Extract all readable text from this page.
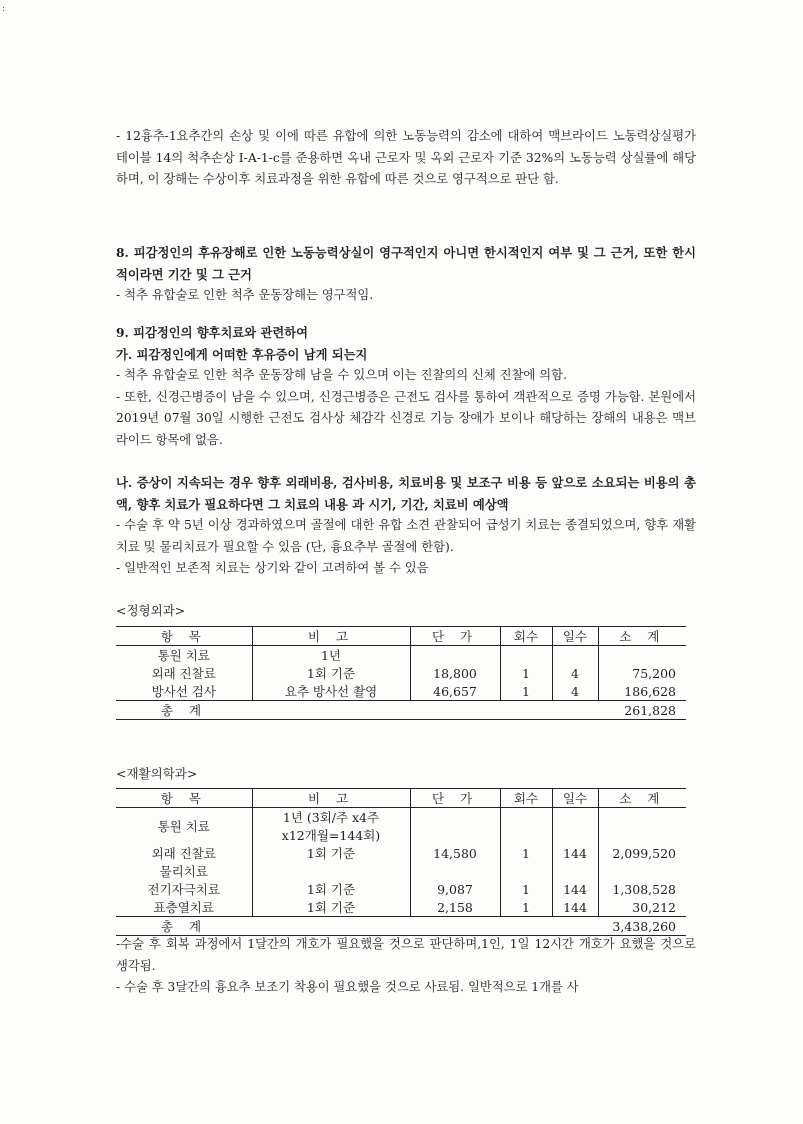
:

- 12흉추-1요추간의 손상 및 이에 따른 유합에 의한 노동능력의 감소에 대하여 맥브라이드 노동력상실평가 테이블 14의 척추손상 I-A-1-c를 준용하면 옥내 근로자 및 옥외 근로자 기준 32%의 노동능력 상실률에 해당하며, 이 장해는 수상이후 치료과정을 위한 유합에 따른 것으로 영구적으로 판단 함.

8. 피감정인의 후유장해로 인한 노동능력상실이 영구적인지 아니면 한시적인지 여부 및 그 근거, 또한 한시적이라면 기간 및 그 근거

- 척추 유합술로 인한 척추 운동장해는 영구적임.

9. 피감정인의 향후치료와 관련하여

가. 피감정인에게 어떠한 후유증이 남게 되는지

- 척추 유합술로 인한 척추 운동장해 남을 수 있으며 이는 진찰의의 신체 진찰에 의함.

- 또한, 신경근병증이 남을 수 있으며, 신경근병증은 근전도 검사를 통하여 객관적으로 증명 가능함. 본원에서 2019년 07월 30일 시행한 근전도 검사상 체감각 신경로 기능 장애가 보이나 해당하는 장해의 내용은 맥브라이드 항목에 없음.

나. 증상이 지속되는 경우 향후 외래비용, 검사비용, 치료비용 및 보조구 비용 등 앞으로 소요되는 비용의 총액, 향후 치료가 필요하다면 그 치료의 내용 과 시기, 기간, 치료비 예상액

- 수술 후 약 5년 이상 경과하였으며 골절에 대한 유합 소견 관찰되어 급성기 치료는 종결되었으며, 향후 재활치료 및 물리치료가 필요할 수 있음 (단, 흉요추부 골절에 한함).

- 일반적인 보존적 치료는 상기와 같이 고려하여 볼 수 있음

<정형외과>
항 목	비 고	단 가	회수	일수	소 계
통원 치료	1년				
외래 진찰료	1회 기준	18,800	1	4	75,200
방사선 검사	요추 방사선 촬영	46,657	1	4	186,628
총 계					261,828
<재활의학과>
항 목	비 고	단 가	회수	일수	소 계
통원 치료	1년 (3회/주 x4주				
	x12개월=144회)				
외래 진찰료	1회 기준	14,580	1	144	2,099,520
물리치료					
전기자극치료	1회 기준	9,087	1	144	1,308,528
표층열치료	1회 기준	2,158	1	144	30,212
총 계					3,438,260

-수술 후 회복 과정에서 1달간의 개호가 필요했을 것으로 판단하며,1인, 1일 12시간 개호가 요했을 것으로 생각됨.

- 수술 후 3달간의 흉요추 보조기 착용이 필요했을 것으로 사료됨. 일반적으로 1개를 사
